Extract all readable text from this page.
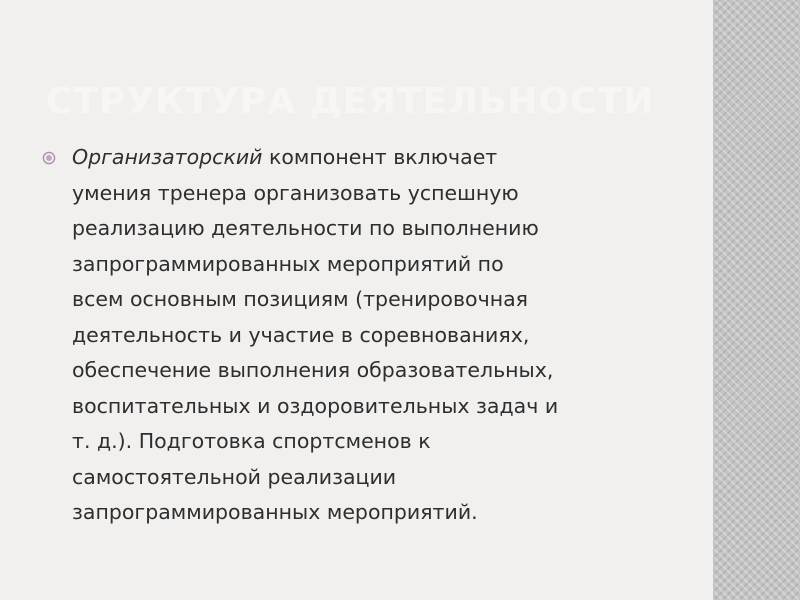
СТРУКТУРА ДЕЯТЕЛЬНОСТИ

Организаторский компонент включает
умения тренера организовать успешную
реализацию деятельности по выполнению
запрограммированных мероприятий по
всем основным позициям (тренировочная
деятельность и участие в соревнованиях,
обеспечение выполнения образовательных,
воспитательных и оздоровительных задач и
т. д.). Подготовка спортсменов к
самостоятельной реализации
запрограммированных мероприятий.
